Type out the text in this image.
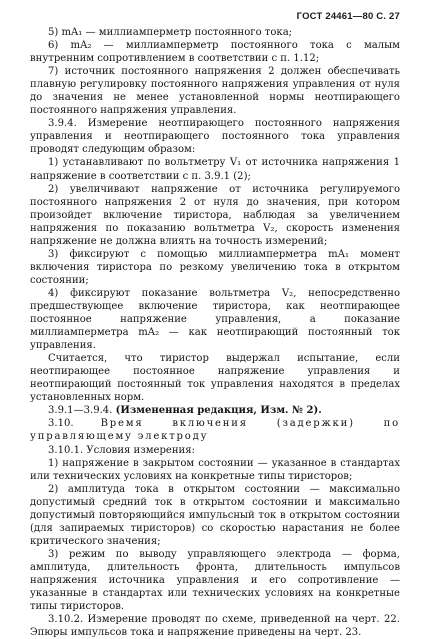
ГОСТ 24461—80 С. 27

5) mA₁ — миллиамперметр постоянного тока;

6) mA₂ — миллиамперметр постоянного тока с малым внутренним сопротивлением в соответствии с п. 1.12;

7) источник постоянного напряжения 2 должен обеспечивать плавную регулировку постоянного напряжения управления от нуля до значения не менее установленной нормы неотпирающего постоянного напряжения управления.

3.9.4. Измерение неотпирающего постоянного напряжения управления и неотпирающего постоянного тока управления проводят следующим образом:

1) устанавливают по вольтметру V₁ от источника напряжения 1 напряжение в соответствии с п. 3.9.1 (2);

2) увеличивают напряжение от источника регулируемого постоянного напряжения 2 от нуля до значения, при котором произойдет включение тиристора, наблюдая за увеличением напряжения по показанию вольтметра V₂, скорость изменения напряжение не должна влиять на точность измерений;

3) фиксируют с помощью миллиамперметра mA₁ момент включения тиристора по резкому увеличению тока в открытом состоянии;

4) фиксируют показание вольтметра V₂, непосредственно предшествующее включение тиристора, как неотпирающее постоянное напряжение управления, а показание миллиамперметра mA₂ — как неотпирающий постоянный ток управления.

Считается, что тиристор выдержал испытание, если неотпирающее постоянное напряжение управления и неотпирающий постоянный ток управления находятся в пределах установленных норм.

3.9.1—3.9.4. (Измененная редакция, Изм. № 2).

3.10.	Время включения (задержки) по управляющему электроду

3.10.1. Условия измерения:

1) напряжение в закрытом состоянии — указанное в стандартах или технических условиях на конкретные типы тиристоров;

2) амплитуда тока в открытом состоянии — максимально допустимый средний ток в открытом состоянии и максимально допустимый повторяющийся импульсный ток в открытом состоянии (для запираемых тиристоров) со скоростью нарастания не более критического значения;

3) режим по выводу управляющего электрода — форма, амплитуда, длительность фронта, длительность импульсов напряжения источника управления и его сопротивление — указанные в стандартах или технических условиях на конкретные типы тиристоров.

3.10.2. Измерение проводят по схеме, приведенной на черт. 22. Эпюры импульсов тока и напряжение приведены на черт. 23.
